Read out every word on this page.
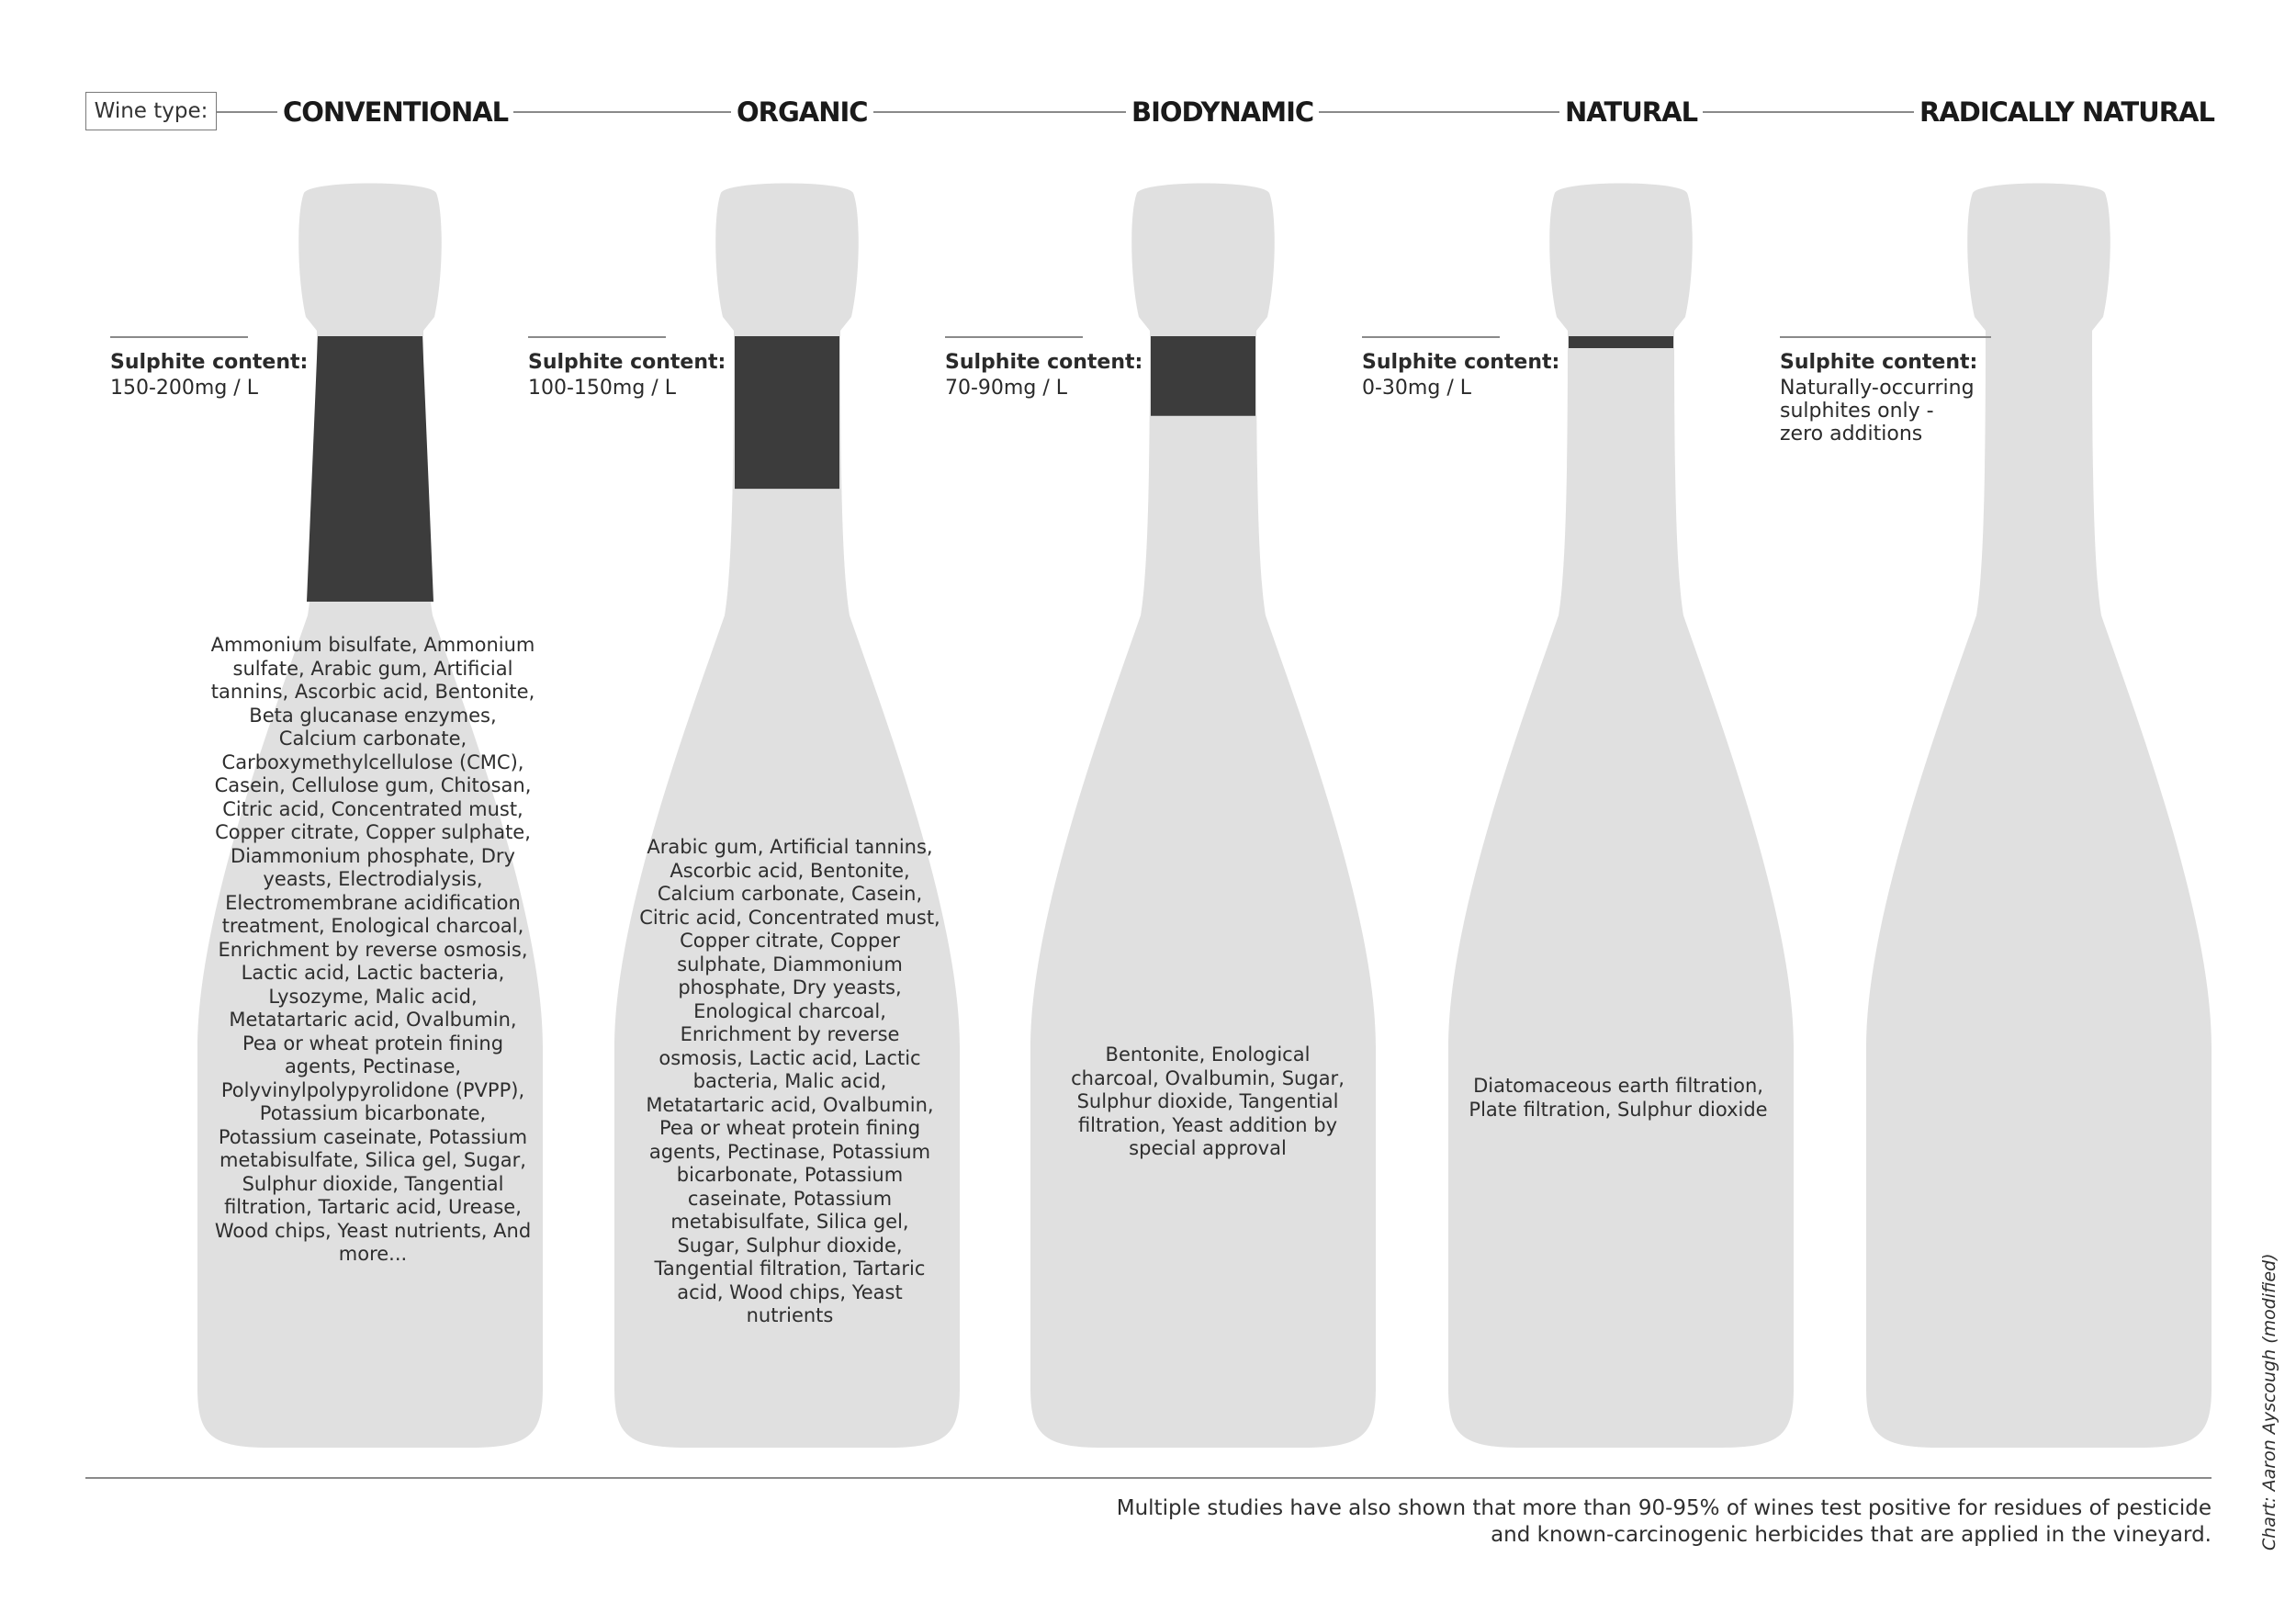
Wine type:	CONVENTIONAL	ORGANIC	BIODYNAMIC	NATURAL	RADICALLY NATURAL
Sulphite content:
150-200mg / L
Sulphite content:
100-150mg / L
Sulphite content:
70-90mg / L
Sulphite content:
0-30mg / L
Sulphite content:
Naturally-occurring
sulphites only -
zero additions
Ammonium bisulfate, Ammonium sulfate, Arabic gum, Artificial tannins, Ascorbic acid, Bentonite, Beta glucanase enzymes, Calcium carbonate, Carboxymethylcellulose (CMC), Casein, Cellulose gum, Chitosan, Citric acid, Concentrated must, Copper citrate, Copper sulphate, Diammonium phosphate, Dry yeasts, Electrodialysis, Electromembrane acidification treatment, Enological charcoal, Enrichment by reverse osmosis, Lactic acid, Lactic bacteria, Lysozyme, Malic acid, Metatartaric acid, Ovalbumin, Pea or wheat protein fining agents, Pectinase, Polyvinylpolypyrolidone (PVPP), Potassium bicarbonate, Potassium caseinate, Potassium metabisulfate, Silica gel, Sugar, Sulphur dioxide, Tangential filtration, Tartaric acid, Urease, Wood chips, Yeast nutrients, And more...
Arabic gum, Artificial tannins, Ascorbic acid, Bentonite, Calcium carbonate, Casein, Citric acid, Concentrated must, Copper citrate, Copper sulphate, Diammonium phosphate, Dry yeasts, Enological charcoal, Enrichment by reverse osmosis, Lactic acid, Lactic bacteria, Malic acid, Metatartaric acid, Ovalbumin, Pea or wheat protein fining agents, Pectinase, Potassium bicarbonate, Potassium caseinate, Potassium metabisulfate, Silica gel, Sugar, Sulphur dioxide, Tangential filtration, Tartaric acid, Wood chips, Yeast nutrients
Bentonite, Enological charcoal, Ovalbumin, Sugar, Sulphur dioxide, Tangential filtration, Yeast addition by special approval
Diatomaceous earth filtration, Plate filtration, Sulphur dioxide
Multiple studies have also shown that more than 90-95% of wines test positive for residues of pesticide and known-carcinogenic herbicides that are applied in the vineyard.	Chart: Aaron Ayscough (modified)
